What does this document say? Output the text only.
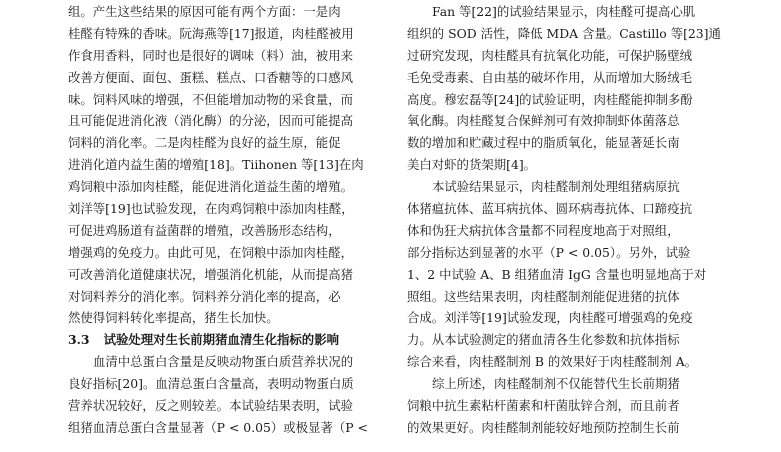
组。产生这些结果的原因可能有两个方面：一是肉
桂醛有特殊的香味。阮海燕等[17]报道，肉桂醛被用
作食用香料，同时也是很好的调味（料）油，被用来
改善方便面、面包、蛋糕、糕点、口香糖等的口感风
味。饲料风味的增强，不但能增加动物的采食量，而
且可能促进消化液（消化酶）的分泌，因而可能提高
饲料的消化率。二是肉桂醛为良好的益生原，能促
进消化道内益生菌的增殖[18]。Tiihonen 等[13]在肉
鸡饲粮中添加肉桂醛，能促进消化道益生菌的增殖。
刘洋等[19]也试验发现，在肉鸡饲粮中添加肉桂醛，
可促进鸡肠道有益菌群的增殖，改善肠形态结构，
增强鸡的免疫力。由此可见，在饲粮中添加肉桂醛，
可改善消化道健康状况，增强消化机能，从而提高猪
对饲料养分的消化率。饲料养分消化率的提高，必
然使得饲料转化率提高，猪生长加快。
3.3 试验处理对生长前期猪血清生化指标的影响
血清中总蛋白含量是反映动物蛋白质营养状况的
良好指标[20]。血清总蛋白含量高，表明动物蛋白质
营养状况较好，反之则较差。本试验结果表明，试验
组猪血清总蛋白含量显著（P < 0.05）或极显著（P <
Fan 等[22]的试验结果显示，肉桂醛可提高心肌
组织的 SOD 活性，降低 MDA 含量。Castillo 等[23]通
过研究发现，肉桂醛具有抗氧化功能，可保护肠壁绒
毛免受毒素、自由基的破坏作用，从而增加大肠绒毛
高度。穆宏磊等[24]的试验证明，肉桂醛能抑制多酚
氧化酶。肉桂醛复合保鲜剂可有效抑制虾体菌落总
数的增加和贮藏过程中的脂质氧化，能显著延长南
美白对虾的货架期[4]。
本试验结果显示，肉桂醛制剂处理组猪病原抗
体猪瘟抗体、蓝耳病抗体、圆环病毒抗体、口蹄疫抗
体和伪狂犬病抗体含量都不同程度地高于对照组，
部分指标达到显著的水平（P < 0.05）。另外，试验
1、2 中试验 A、B 组猪血清 IgG 含量也明显地高于对
照组。这些结果表明，肉桂醛制剂能促进猪的抗体
合成。刘洋等[19]试验发现，肉桂醛可增强鸡的免疫
力。从本试验测定的猪血清各生化参数和抗体指标
综合来看，肉桂醛制剂 B 的效果好于肉桂醛制剂 A。
综上所述，肉桂醛制剂不仅能替代生长前期猪
饲粮中抗生素粘杆菌素和杆菌肽锌合剂，而且前者
的效果更好。肉桂醛制剂能较好地预防控制生长前
